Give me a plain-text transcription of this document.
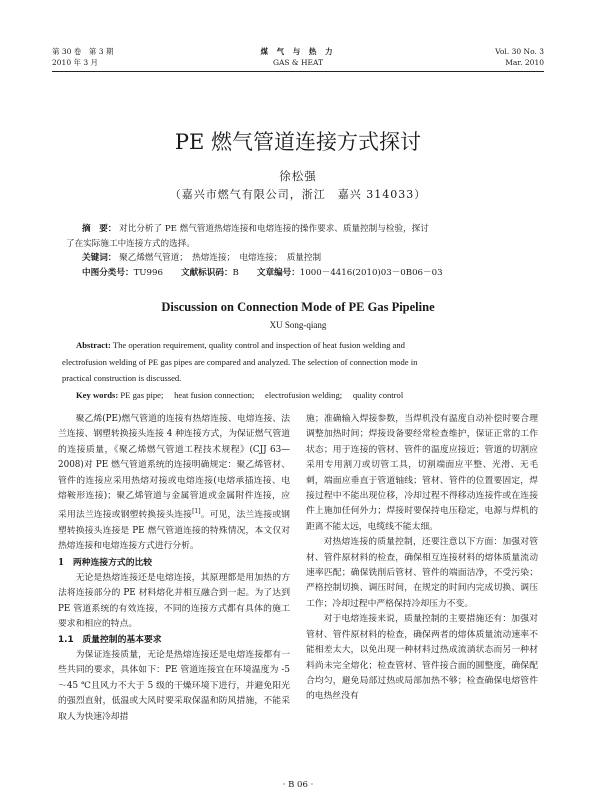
第 30 卷　第 3 期
2010 年 3 月
煤 气 与 热 力
GAS & HEAT
Vol. 30 No. 3
Mar. 2010
PE 燃气管道连接方式探讨
徐松强
（嘉兴市燃气有限公司，浙江　嘉兴 314033）

摘　要： 对比分析了 PE 燃气管道热熔连接和电熔连接的操作要求、质量控制与检验，探讨

了在实际施工中连接方式的选择。

关键词： 聚乙烯燃气管道；　热熔连接；　电熔连接；　质量控制

中图分类号：TU996 文献标识码：B 文章编号：1000－4416(2010)03－0B06－03
Discussion on Connection Mode of PE Gas Pipeline
XU Song-qiang

Abstract: The operation requirement, quality control and inspection of heat fusion welding and

electrofusion welding of PE gas pipes are compared and analyzed. The selection of connection mode in

practical construction is discussed.

Key words: PE gas pipe;　 heat fusion connection;　 electrofusion welding;　 quality control

聚乙烯(PE)燃气管道的连接有热熔连接、电熔连接、法兰连接、钢塑转换接头连接 4 种连接方式，为保证燃气管道的连接质量，《聚乙烯燃气管道工程技术规程》(CJJ 63—2008)对 PE 燃气管道系统的连接明确规定：聚乙烯管材、管件的连接应采用热熔对接或电熔连接(电熔承插连接、电熔鞍形连接)；聚乙烯管道与金属管道或金属附件连接，应采用法兰连接或钢塑转换接头连接[1]。可见，法兰连接或钢塑转换接头连接是 PE 燃气管道连接的特殊情况，本文仅对热熔连接和电熔连接方式进行分析。

1　两种连接方式的比较

无论是热熔连接还是电熔连接，其原理都是用加热的方法将连接部分的 PE 材料熔化并相互融合到一起。为了达到 PE 管道系统的有效连接，不同的连接方式都有具体的施工要求和相应的特点。

1.1　质量控制的基本要求

为保证连接质量，无论是热熔连接还是电熔连接都有一些共同的要求，具体如下：PE 管道连接宜在环境温度为 -5～45 ℃且风力不大于 5 级的干燥环境下进行，并避免阳光的强烈直射，低温或大风时要采取保温和防风措施，不能采取人为快速冷却措

施；准确输入焊接参数，当焊机没有温度自动补偿时要合理调整加热时间；焊接设备要经常检查维护，保证正常的工作状态；用于连接的管材、管件的温度应接近；管道的切割应采用专用割刀或切管工具，切割端面应平整、光滑、无毛刺，端面应垂直于管道轴线；管材、管件的位置要固定，焊接过程中不能出现位移，冷却过程不得移动连接件或在连接件上施加任何外力；焊接时要保持电压稳定，电源与焊机的距离不能太远，电缆线不能太细。

对热熔连接的质量控制，还要注意以下方面：加强对管材、管件原材料的检查，确保相互连接材料的熔体质量流动速率匹配；确保铣削后管材、管件的端面洁净，不受污染；严格控制切换、调压时间，在规定的时间内完成切换、调压工作；冷却过程中严格保持冷却压力不变。

对于电熔连接来说，质量控制的主要措施还有：加强对管材、管件原材料的检查，确保两者的熔体质量流动速率不能相差太大，以免出现一种材料过热成流淌状态而另一种材料尚未完全熔化；检查管材、管件接合面的圆整度，确保配合均匀，避免局部过热或局部加热不够；检查确保电熔管件的电热丝没有

· B 06 ·
